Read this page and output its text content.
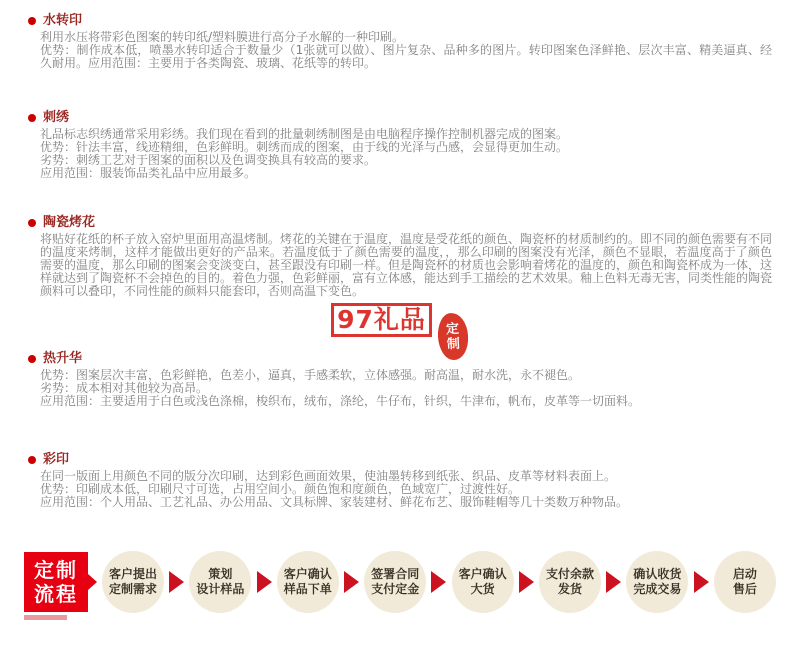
水转印

利用水压将带彩色图案的转印纸/塑料膜进行高分子水解的一种印刷。

优势：制作成本低，喷墨水转印适合于数量少（1张就可以做）、图片复杂、品种多的图片。转印图案色泽鲜艳、层次丰富、精美逼真、经久耐用。应用范围：主要用于各类陶瓷、玻璃、花纸等的转印。

刺绣

礼品标志织绣通常采用彩绣。我们现在看到的批量刺绣制图是由电脑程序操作控制机器完成的图案。

优势：针法丰富，线迹精细，色彩鲜明。刺绣而成的图案，由于线的光泽与凸感，会显得更加生动。

劣势：刺绣工艺对于图案的面积以及色调变换具有较高的要求。

应用范围：服装饰品类礼品中应用最多。

陶瓷烤花

将贴好花纸的杯子放入窑炉里面用高温烤制。烤花的关键在于温度，温度是受花纸的颜色、陶瓷杯的材质制约的。即不同的颜色需要有不同的温度来烤制，这样才能做出更好的产品来。若温度低于了颜色需要的温度，，那么印刷的图案没有光泽，颜色不显眼，若温度高于了颜色需要的温度，那么印刷的图案会变淡变白，甚至跟没有印刷一样。但是陶瓷杯的材质也会影响着烤花的温度的，颜色和陶瓷杯成为一体，这样就达到了陶瓷杯不会掉色的目的。着色力强，色彩鲜丽，富有立体感，能达到手工描绘的艺术效果。釉上色料无毒无害，同类性能的陶瓷颜料可以叠印，不同性能的颜料只能套印，否则高温下变色。

热升华

优势：图案层次丰富，色彩鲜艳，色差小，逼真，手感柔软，立体感强。耐高温，耐水洗，永不褪色。

劣势：成本相对其他较为高昂。

应用范围：主要适用于白色或浅色涤棉，梭织布，绒布，涤纶，牛仔布，针织，牛津布，帆布，皮革等一切面料。

彩印

在同一版面上用颜色不同的版分次印刷，达到彩色画面效果，使油墨转移到纸张、织品、皮革等材料表面上。

优势：印刷成本低，印刷尺寸可选，占用空间小。颜色饱和度颜色，色域宽广，过渡性好。

应用范围：个人用品、工艺礼品、办公用品、文具标牌、家装建材、鲜花布艺、服饰鞋帽等几十类数万种物品。

97礼品	定
制
定制
流程
客户提出
定制需求
策划
设计样品
客户确认
样品下单
签署合同
支付定金
客户确认
大货
支付余款
发货
确认收货
完成交易
启动
售后
